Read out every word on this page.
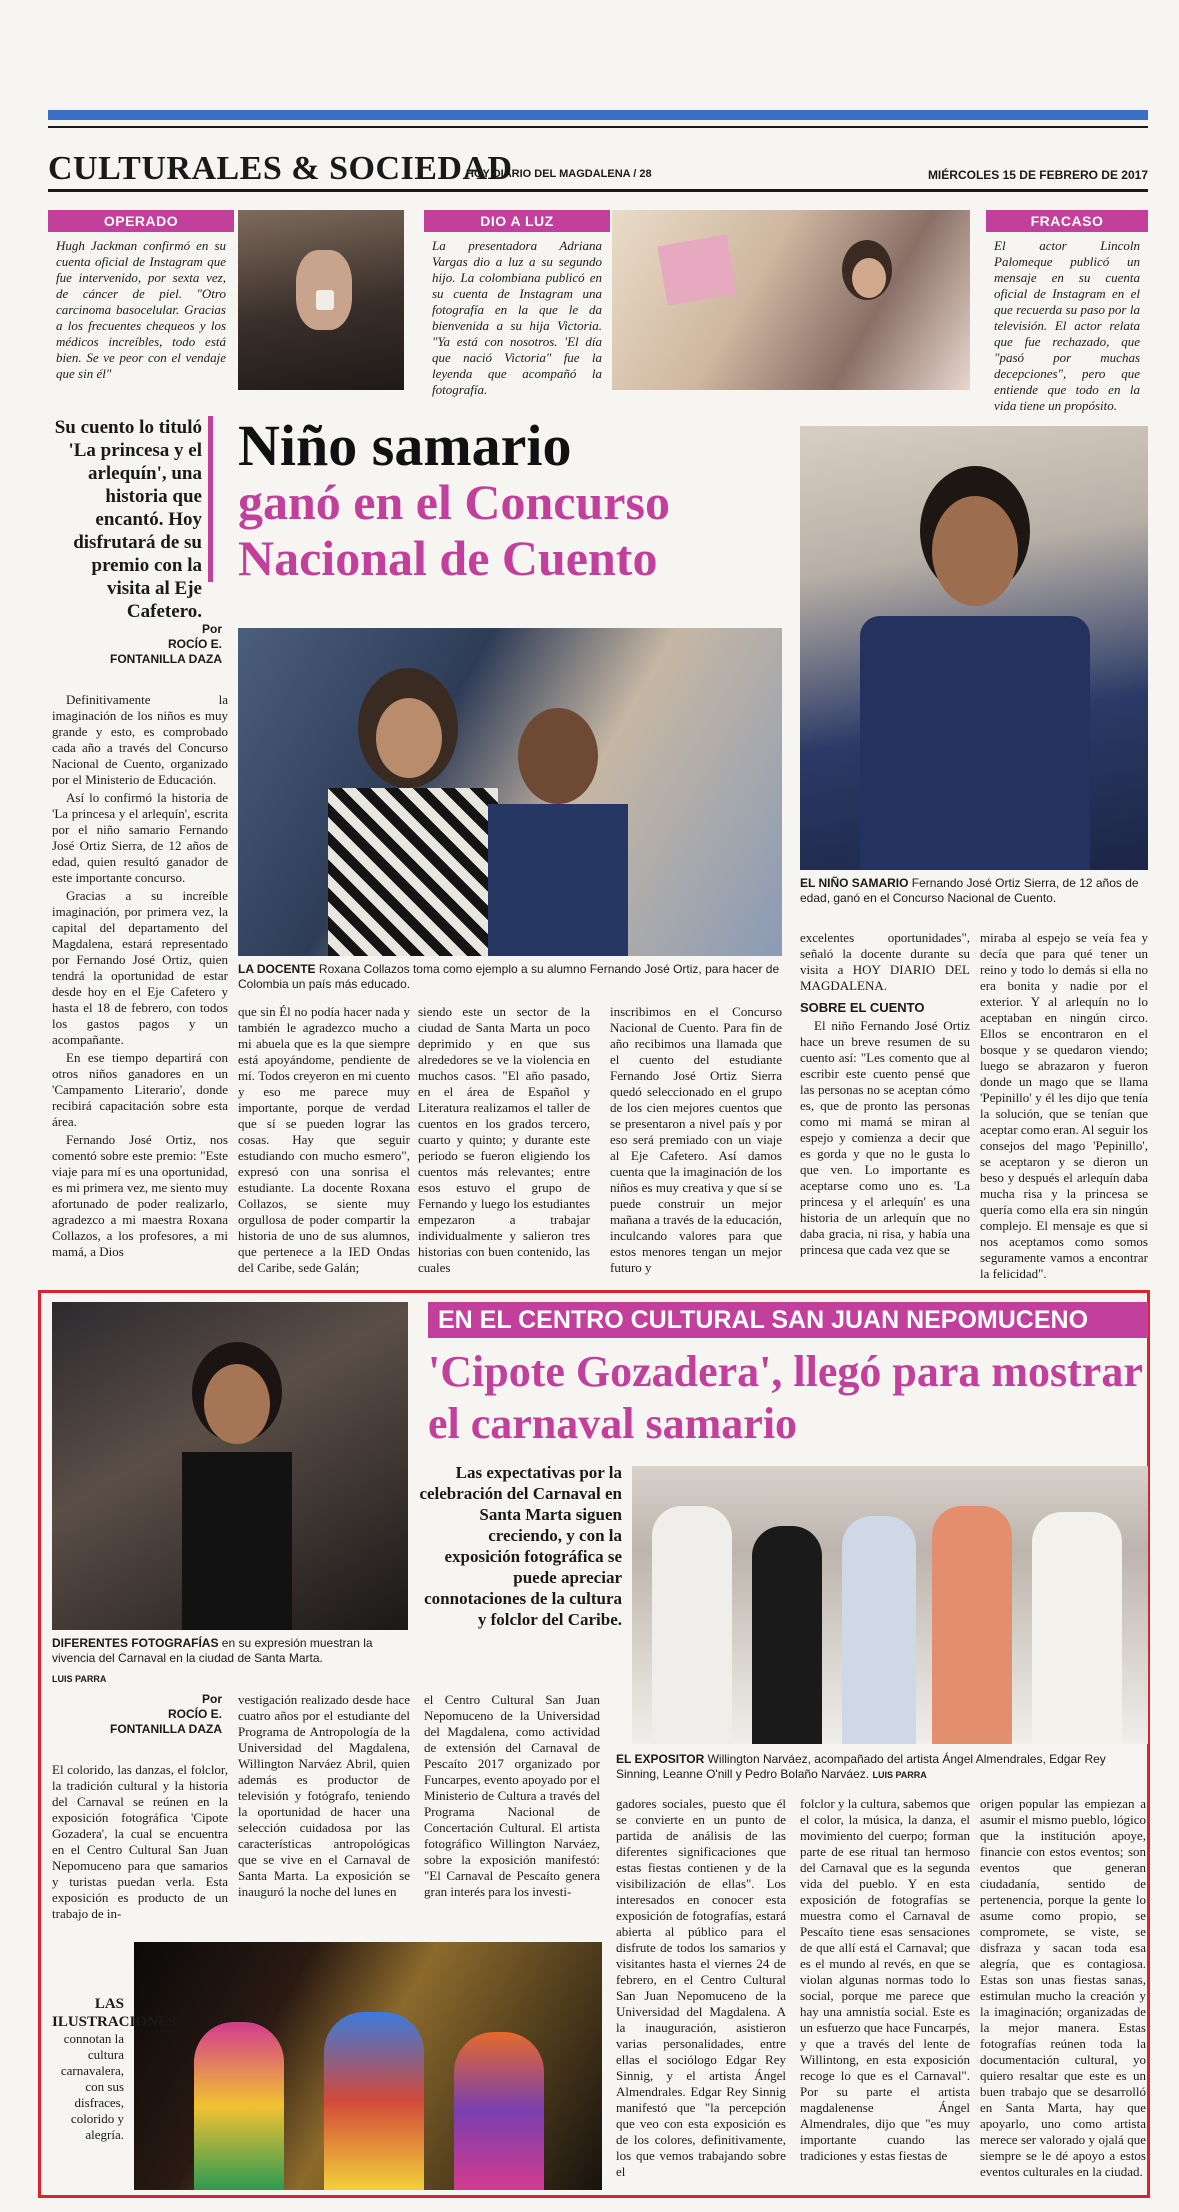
CULTURALES & SOCIEDAD
HOY DIARIO DEL MAGDALENA / 28	MIÉRCOLES 15 DE FEBRERO DE 2017
OPERADO
Hugh Jackman confirmó en su cuenta oficial de Instagram que fue intervenido, por sexta vez, de cáncer de piel. "Otro carcinoma basocelular. Gracias a los frecuentes chequeos y los médicos increíbles, todo está bien. Se ve peor con el vendaje que sin él"
DIO A LUZ
La presentadora Adriana Vargas dio a luz a su segundo hijo. La colombiana publicó en su cuenta de Instagram una fotografía en la que le da bienvenida a su hija Victoria. "Ya está con nosotros. 'El día que nació Victoria" fue la leyenda que acompañó la fotografía.
FRACASO
El actor Lincoln Palomeque publicó un mensaje en su cuenta oficial de Instagram en el que recuerda su paso por la televisión. El actor relata que fue rechazado, que "pasó por muchas decepciones", pero que entiende que todo en la vida tiene un propósito.
Su cuento lo tituló 'La princesa y el arlequín', una historia que encantó. Hoy disfrutará de su premio con la visita al Eje Cafetero.
Niño samario
ganó en el Concurso Nacional de Cuento
Por
ROCÍO E. FONTANILLA DAZA

Definitivamente la imaginación de los niños es muy grande y esto, es comprobado cada año a través del Concurso Nacional de Cuento, organizado por el Ministerio de Educación.

Así lo confirmó la historia de 'La princesa y el arlequín', escrita por el niño samario Fernando José Ortiz Sierra, de 12 años de edad, quien resultó ganador de este importante concurso.

Gracias a su increíble imaginación, por primera vez, la capital del departamento del Magdalena, estará representado por Fernando José Ortiz, quien tendrá la oportunidad de estar desde hoy en el Eje Cafetero y hasta el 18 de febrero, con todos los gastos pagos y un acompañante.

En ese tiempo departirá con otros niños ganadores en un 'Campamento Literario', donde recibirá capacitación sobre esta área.

Fernando José Ortiz, nos comentó sobre este premio: "Este viaje para mí es una oportunidad, es mi primera vez, me siento muy afortunado de poder realizarlo, agradezco a mi maestra Roxana Collazos, a los profesores, a mi mamá, a Dios

LA DOCENTE Roxana Collazos toma como ejemplo a su alumno Fernando José Ortiz, para hacer de Colombia un país más educado.
que sin Él no podía hacer nada y también le agradezco mucho a mi abuela que es la que siempre está apoyándome, pendiente de mí. Todos creyeron en mi cuento y eso me parece muy importante, porque de verdad que sí se pueden lograr las cosas. Hay que seguir estudiando con mucho esmero", expresó con una sonrisa el estudiante. La docente Roxana Collazos, se siente muy orgullosa de poder compartir la historia de uno de sus alumnos, que pertenece a la IED Ondas del Caribe, sede Galán;
siendo este un sector de la ciudad de Santa Marta un poco deprimido y en que sus alrededores se ve la violencia en muchos casos. "El año pasado, en el área de Español y Literatura realizamos el taller de cuentos en los grados tercero, cuarto y quinto; y durante este periodo se fueron eligiendo los cuentos más relevantes; entre esos estuvo el grupo de Fernando y luego los estudiantes empezaron a trabajar individualmente y salieron tres historias con buen contenido, las cuales
inscribimos en el Concurso Nacional de Cuento. Para fin de año recibimos una llamada que el cuento del estudiante Fernando José Ortiz Sierra quedó seleccionado en el grupo de los cien mejores cuentos que se presentaron a nivel país y por eso será premiado con un viaje al Eje Cafetero. Así damos cuenta que la imaginación de los niños es muy creativa y que sí se puede construir un mejor mañana a través de la educación, inculcando valores para que estos menores tengan un mejor futuro y
EL NIÑO SAMARIO Fernando José Ortiz Sierra, de 12 años de edad, ganó en el Concurso Nacional de Cuento.
excelentes oportunidades", señaló la docente durante su visita a HOY DIARIO DEL MAGDALENA.
SOBRE EL CUENTO

El niño Fernando José Ortiz hace un breve resumen de su cuento así: "Les comento que al escribir este cuento pensé que las personas no se aceptan cómo es, que de pronto las personas como mi mamá se miran al espejo y comienza a decir que es gorda y que no le gusta lo que ven. Lo importante es aceptarse como uno es. 'La princesa y el arlequín' es una historia de un arlequín que no daba gracia, ni risa, y había una princesa que cada vez que se

miraba al espejo se veía fea y decía que para qué tener un reino y todo lo demás si ella no era bonita y nadie por el exterior. Y al arlequín no lo aceptaban en ningún circo. Ellos se encontraron en el bosque y se quedaron viendo; luego se abrazaron y fueron donde un mago que se llama 'Pepinillo' y él les dijo que tenía la solución, que se tenían que aceptar como eran. Al seguir los consejos del mago 'Pepinillo', se aceptaron y se dieron un beso y después el arlequín daba mucha risa y la princesa se quería como ella era sin ningún complejo. El mensaje es que si nos aceptamos como somos seguramente vamos a encontrar la felicidad".
EN EL CENTRO CULTURAL SAN JUAN NEPOMUCENO
'Cipote Gozadera', llegó para mostrar el carnaval samario
DIFERENTES FOTOGRAFÍAS en su expresión muestran la vivencia del Carnaval en la ciudad de Santa Marta.
LUIS PARRA
Las expectativas por la celebración del Carnaval en Santa Marta siguen creciendo, y con la exposición fotográfica se puede apreciar connotaciones de la cultura y folclor del Caribe.
EL EXPOSITOR Willington Narváez, acompañado del artista Ángel Almendrales, Edgar Rey Sinning, Leanne O'nill y Pedro Bolaño Narváez. LUIS PARRA
Por
ROCÍO E. FONTANILLA DAZA
El colorido, las danzas, el folclor, la tradición cultural y la historia del Carnaval se reúnen en la exposición fotográfica 'Cipote Gozadera', la cual se encuentra en el Centro Cultural San Juan Nepomuceno para que samarios y turistas puedan verla. Esta exposición es producto de un trabajo de in-
vestigación realizado desde hace cuatro años por el estudiante del Programa de Antropología de la Universidad del Magdalena, Willington Narváez Abril, quien además es productor de televisión y fotógrafo, teniendo la oportunidad de hacer una selección cuidadosa por las características antropológicas que se vive en el Carnaval de Santa Marta. La exposición se inauguró la noche del lunes en
el Centro Cultural San Juan Nepomuceno de la Universidad del Magdalena, como actividad de extensión del Carnaval de Pescaíto 2017 organizado por Funcarpes, evento apoyado por el Ministerio de Cultura a través del Programa Nacional de Concertación Cultural. El artista fotográfico Willington Narváez, sobre la exposición manifestó: "El Carnaval de Pescaíto genera gran interés para los investi-
gadores sociales, puesto que él se convierte en un punto de partida de análisis de las diferentes significaciones que estas fiestas contienen y de la visibilización de ellas". Los interesados en conocer esta exposición de fotografías, estará abierta al público para el disfrute de todos los samarios y visitantes hasta el viernes 24 de febrero, en el Centro Cultural San Juan Nepomuceno de la Universidad del Magdalena. A la inauguración, asistieron varias personalidades, entre ellas el sociólogo Edgar Rey Sinnig, y el artista Ángel Almendrales. Edgar Rey Sinnig manifestó que "la percepción que veo con esta exposición es de los colores, definitivamente, los que vemos trabajando sobre el
folclor y la cultura, sabemos que el color, la música, la danza, el movimiento del cuerpo; forman parte de ese ritual tan hermoso del Carnaval que es la segunda vida del pueblo. Y en esta exposición de fotografías se muestra como el Carnaval de Pescaíto tiene esas sensaciones de que allí está el Carnaval; que es el mundo al revés, en que se violan algunas normas todo lo social, porque me parece que hay una amnistía social. Este es un esfuerzo que hace Funcarpés, y que a través del lente de Willintong, en esta exposición recoge lo que es el Carnaval". Por su parte el artista magdalenense Ángel Almendrales, dijo que "es muy importante cuando las tradiciones y estas fiestas de
origen popular las empiezan a asumir el mismo pueblo, lógico que la institución apoye, financie con estos eventos; son eventos que generan ciudadanía, sentido de pertenencia, porque la gente lo asume como propio, se compromete, se viste, se disfraza y sacan toda esa alegría, que es contagiosa. Estas son unas fiestas sanas, estimulan mucho la creación y la imaginación; organizadas de la mejor manera. Estas fotografías reúnen toda la documentación cultural, yo quiero resaltar que este es un buen trabajo que se desarrolló en Santa Marta, hay que apoyarlo, uno como artista merece ser valorado y ojalá que siempre se le dé apoyo a estos eventos culturales en la ciudad.
LAS ILUSTRACIONES
connotan la cultura carnavalera, con sus disfraces, colorido y alegría.
